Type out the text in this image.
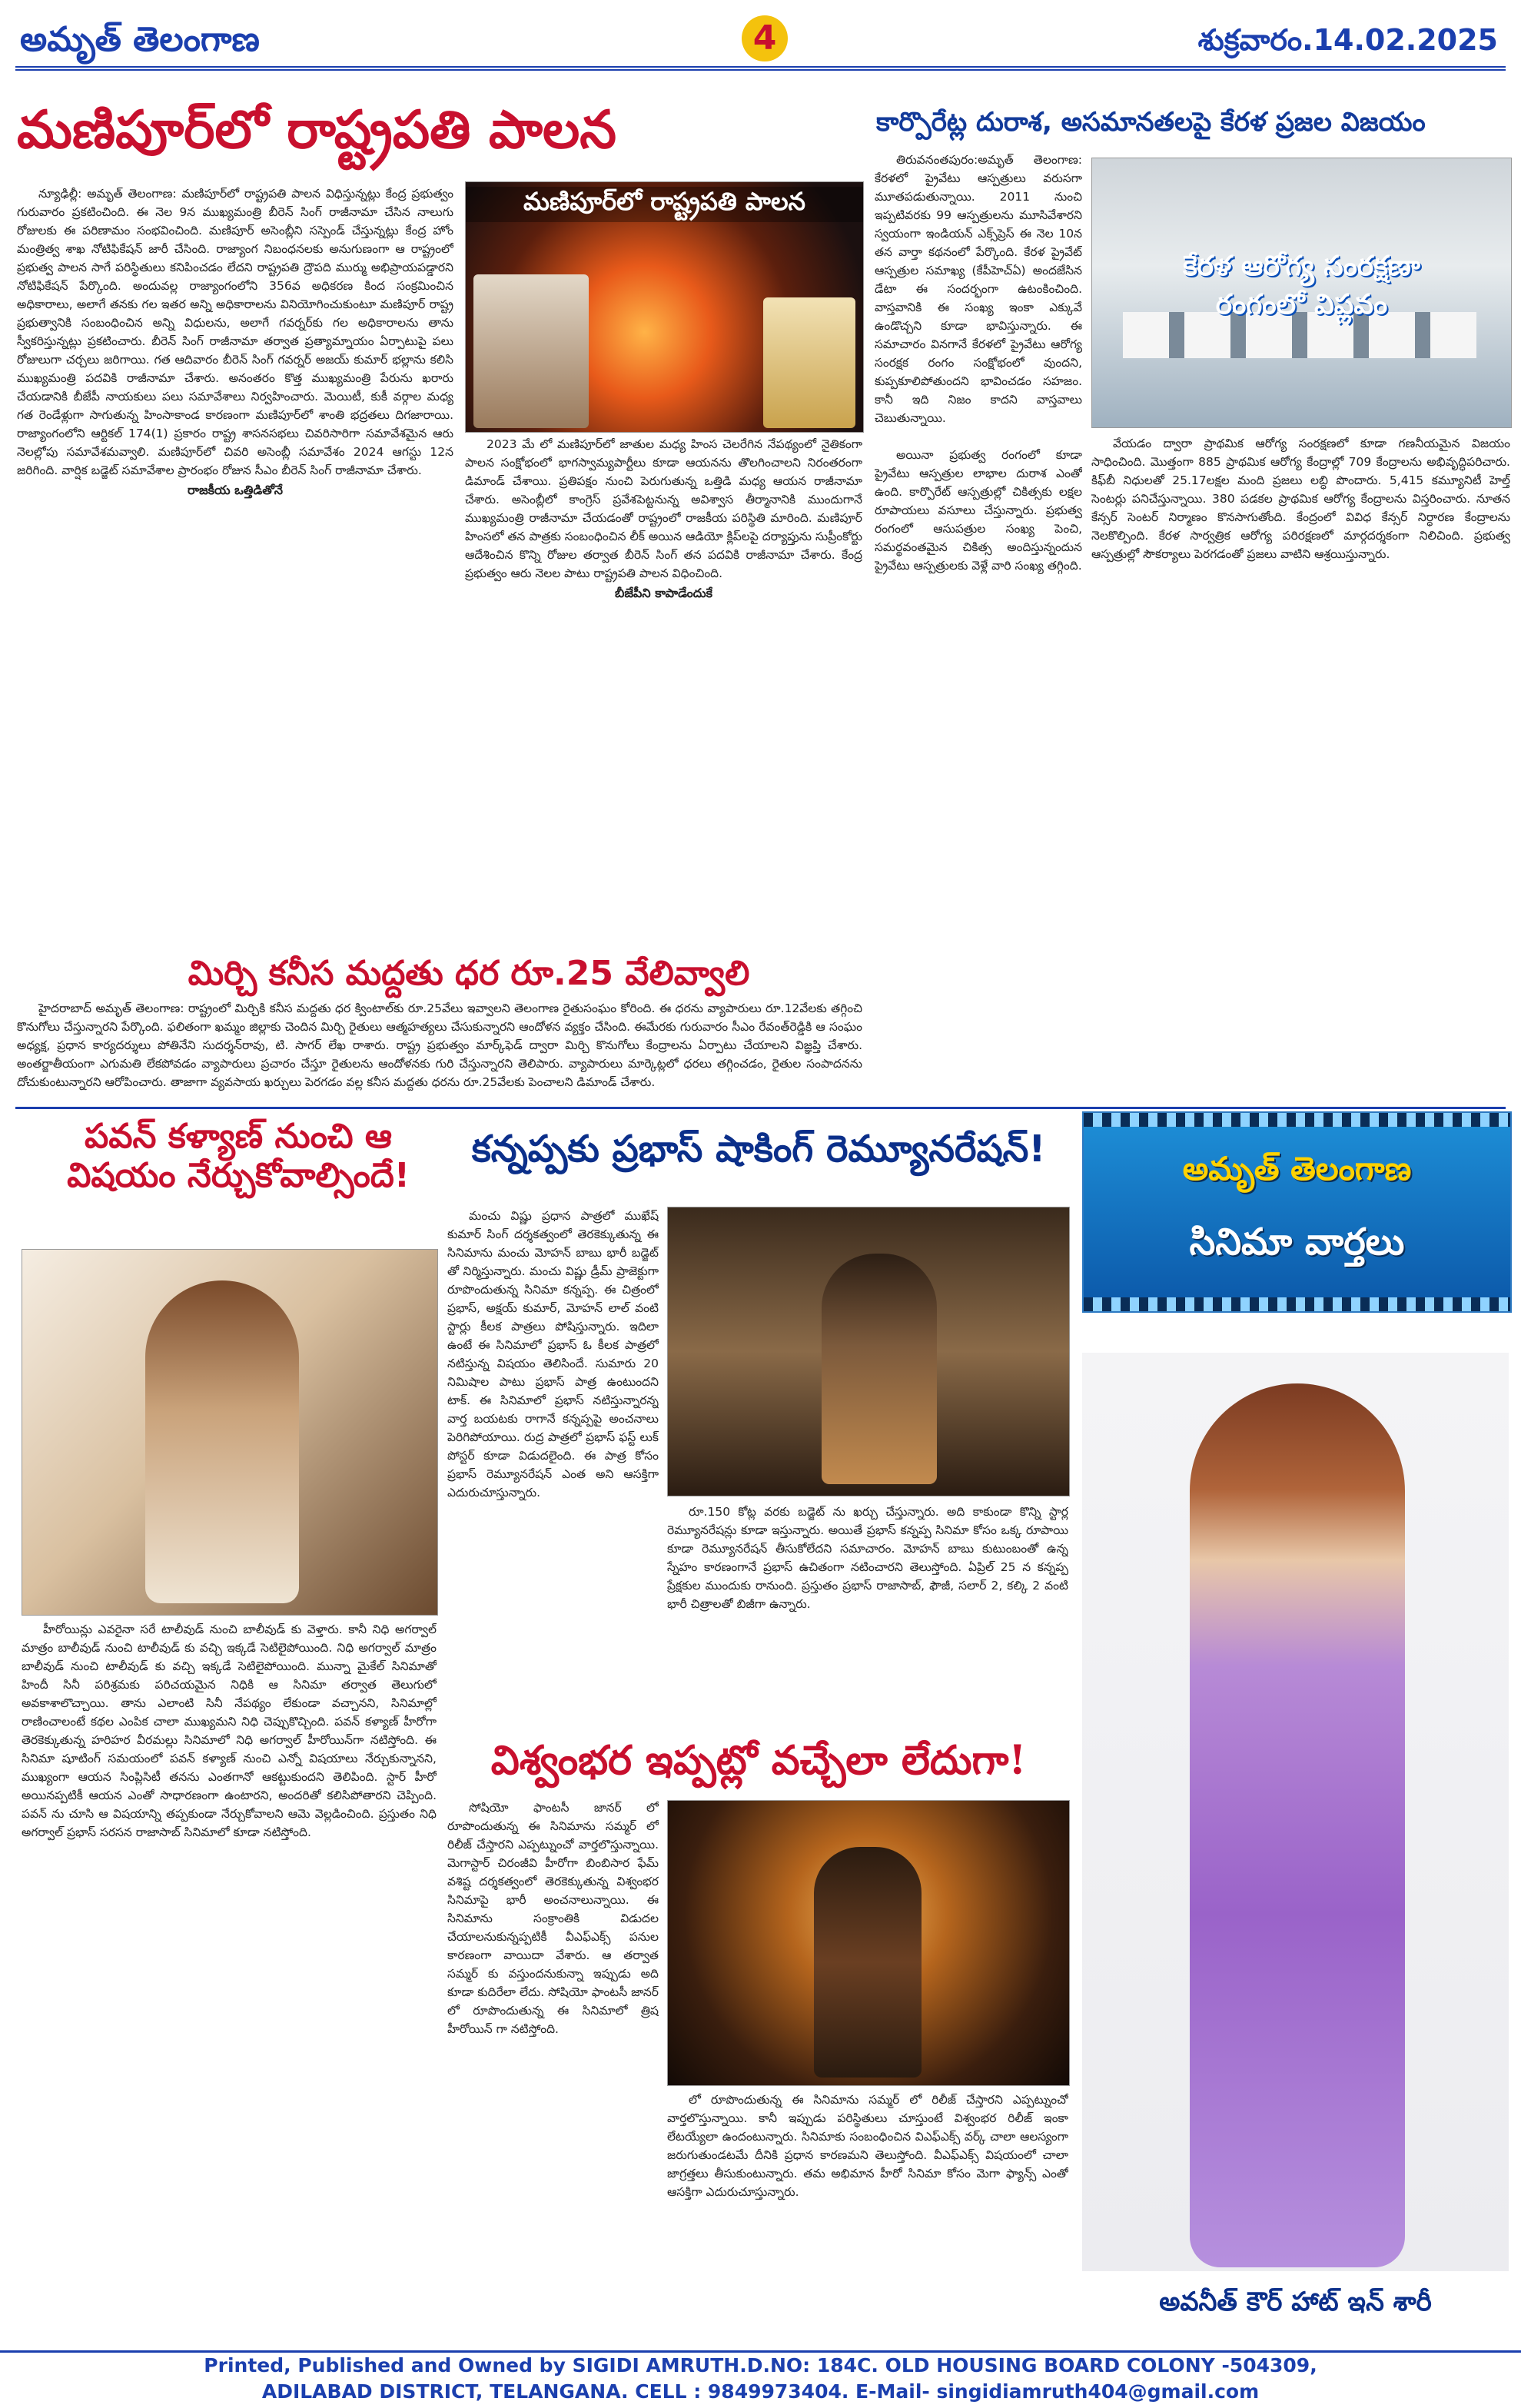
అమృత్ తెలంగాణ	4	శుక్రవారం.14.02.2025
మణిపూర్‌లో రాష్ట్రపతి పాలన

న్యూఢిల్లీ: అమృత్ తెలంగాణ: మణిపూర్‌లో రాష్ట్రపతి పాలన విధిస్తున్నట్లు కేంద్ర ప్రభుత్వం గురువారం ప్రకటించింది. ఈ నెల 9న ముఖ్యమంత్రి బీరెన్ సింగ్ రాజీనామా చేసిన నాలుగు రోజులకు ఈ పరిణామం సంభవించింది. మణిపూర్ అసెంబ్లీని సస్పెండ్ చేస్తున్నట్లు కేంద్ర హోం మంత్రిత్వ శాఖ నోటిఫికేషన్ జారీ చేసింది. రాజ్యాంగ నిబంధనలకు అనుగుణంగా ఆ రాష్ట్రంలో ప్రభుత్వ పాలన సాగే పరిస్థితులు కనిపించడం లేదని రాష్ట్రపతి ద్రౌపది ముర్ము అభిప్రాయపడ్డారని నోటిఫికేషన్ పేర్కొంది. అందువల్ల రాజ్యాంగంలోని 356వ అధికరణ కింద సంక్రమించిన అధికారాలు, అలాగే తనకు గల ఇతర అన్ని అధికారాలను వినియోగించుకుంటూ మణిపూర్ రాష్ట్ర ప్రభుత్వానికి సంబంధించిన అన్ని విధులను, అలాగే గవర్నర్‌కు గల అధికారాలను తాను స్వీకరిస్తున్నట్లు ప్రకటించారు. బీరెన్ సింగ్ రాజీనామా తర్వాత ప్రత్యామ్నాయం ఏర్పాటుపై పలు రోజులుగా చర్చలు జరిగాయి. గత ఆదివారం బీరెన్ సింగ్ గవర్నర్ అజయ్ కుమార్ భల్లాను కలిసి ముఖ్యమంత్రి పదవికి రాజీనామా చేశారు. అనంతరం కొత్త ముఖ్యమంత్రి పేరును ఖరారు చేయడానికి బీజేపీ నాయకులు పలు సమావేశాలు నిర్వహించారు. మెయిటీ, కుకీ వర్గాల మధ్య గత రెండేళ్లుగా సాగుతున్న హింసాకాండ కారణంగా మణిపూర్‌లో శాంతి భద్రతలు దిగజారాయి. రాజ్యాంగంలోని ఆర్టికల్ 174(1) ప్రకారం రాష్ట్ర శాసనసభలు చివరిసారిగా సమావేశమైన ఆరు నెలల్లోపు సమావేశమవ్వాలి. మణిపూర్‌లో చివరి అసెంబ్లీ సమావేశం 2024 ఆగస్టు 12న జరిగింది. వార్షిక బడ్జెట్ సమావేశాల ప్రారంభం రోజున సీఎం బీరెన్ సింగ్ రాజీనామా చేశారు.

రాజకీయ ఒత్తిడితోనే
మణిపూర్‌లో రాష్ట్రపతి పాలన

2023 మే లో మణిపూర్‌లో జాతుల మధ్య హింస చెలరేగిన నేపథ్యంలో నైతికంగా పాలన సంక్షోభంలో భాగస్వామ్యపార్టీలు కూడా ఆయనను తొలగించాలని నిరంతరంగా డిమాండ్ చేశాయి. ప్రతిపక్షం నుంచి పెరుగుతున్న ఒత్తిడి మధ్య ఆయన రాజీనామా చేశారు. అసెంబ్లీలో కాంగ్రెస్ ప్రవేశపెట్టనున్న అవిశ్వాస తీర్మానానికి ముందుగానే ముఖ్యమంత్రి రాజీనామా చేయడంతో రాష్ట్రంలో రాజకీయ పరిస్థితి మారింది. మణిపూర్ హింసలో తన పాత్రకు సంబంధించిన లీక్ అయిన ఆడియో క్లిప్‌లపై దర్యాప్తును సుప్రీంకోర్టు ఆదేశించిన కొన్ని రోజుల తర్వాత బీరెన్ సింగ్ తన పదవికి రాజీనామా చేశారు. కేంద్ర ప్రభుత్వం ఆరు నెలల పాటు రాష్ట్రపతి పాలన విధించింది.

బీజేపీని కాపాడేందుకే
మిర్చి కనీస మద్దతు ధర రూ.25 వేలివ్వాలి

హైదరాబాద్ అమృత్ తెలంగాణ: రాష్ట్రంలో మిర్చికి కనీస మద్దతు ధర క్వింటాల్‌కు రూ.25వేలు ఇవ్వాలని తెలంగాణ రైతుసంఘం కోరింది. ఈ ధరను వ్యాపారులు రూ.12వేలకు తగ్గించి కొనుగోలు చేస్తున్నారని పేర్కొంది. ఫలితంగా ఖమ్మం జిల్లాకు చెందిన మిర్చి రైతులు ఆత్మహత్యలు చేసుకున్నారని ఆందోళన వ్యక్తం చేసింది. ఈమేరకు గురువారం సీఎం రేవంత్‌రెడ్డికి ఆ సంఘం అధ్యక్ష, ప్రధాన కార్యదర్శులు పోతినేని సుదర్శన్‌రావు, టి. సాగర్ లేఖ రాశారు. రాష్ట్ర ప్రభుత్వం మార్క్‌ఫెడ్ ద్వారా మిర్చి కొనుగోలు కేంద్రాలను ఏర్పాటు చేయాలని విజ్ఞప్తి చేశారు. అంతర్జాతీయంగా ఎగుమతి లేకపోవడం వ్యాపారులు ప్రచారం చేస్తూ రైతులను ఆందోళనకు గురి చేస్తున్నారని తెలిపారు. వ్యాపారులు మార్కెట్లలో ధరలు తగ్గించడం, రైతుల సంపాదనను దోచుకుంటున్నారని ఆరోపించారు. తాజాగా వ్యవసాయ ఖర్చులు పెరగడం వల్ల కనీస మద్దతు ధరను రూ.25వేలకు పెంచాలని డిమాండ్ చేశారు.

కార్పొరేట్ల దురాశ, అసమానతలపై కేరళ ప్రజల విజయం

తిరువనంతపురం:అమృత్ తెలంగాణ: కేరళలో ప్రైవేటు ఆస్పత్రులు వరుసగా మూతపడుతున్నాయి. 2011 నుంచి ఇప్పటివరకు 99 ఆస్పత్రులను మూసివేశారని స్వయంగా ఇండియన్ ఎక్స్‌ప్రెస్ ఈ నెల 10న తన వార్తా కథనంలో పేర్కొంది. కేరళ ప్రైవేట్ ఆస్పత్రుల సమాఖ్య (కేపీహెచ్‌ఏ) అందజేసిన డేటా ఈ సందర్భంగా ఉటంకించింది. వాస్తవానికి ఈ సంఖ్య ఇంకా ఎక్కువే ఉండొచ్చని కూడా భావిస్తున్నారు. ఈ సమాచారం వినగానే కేరళలో ప్రైవేటు ఆరోగ్య సంరక్షక రంగం సంక్షోభంలో వుందని, కుప్పకూలిపోతుందని భావించడం సహజం. కానీ ఇది నిజం కాదని వాస్తవాలు చెబుతున్నాయి.

కేరళ ఆరోగ్య సంరక్షణా
రంగంలో విప్లవం

అయినా ప్రభుత్వ రంగంలో కూడా ప్రైవేటు ఆస్పత్రుల లాభాల దురాశ ఎంతో ఉంది. కార్పొరేట్ ఆస్పత్రుల్లో చికిత్సకు లక్షల రూపాయలు వసూలు చేస్తున్నారు. ప్రభుత్వ రంగంలో ఆసుపత్రుల సంఖ్య పెంచి, సమర్థవంతమైన చికిత్స అందిస్తున్నందున ప్రైవేటు ఆస్పత్రులకు వెళ్లే వారి సంఖ్య తగ్గింది.

వేయడం ద్వారా ప్రాథమిక ఆరోగ్య సంరక్షణలో కూడా గణనీయమైన విజయం సాధించింది. మొత్తంగా 885 ప్రాథమిక ఆరోగ్య కేంద్రాల్లో 709 కేంద్రాలను అభివృద్ధిపరిచారు. కిఫ్‌బీ నిధులతో 25.17లక్షల మంది ప్రజలు లబ్ధి పొందారు. 5,415 కమ్యూనిటీ హెల్త్ సెంటర్లు పనిచేస్తున్నాయి. 380 పడకల ప్రాథమిక ఆరోగ్య కేంద్రాలను విస్తరించారు. నూతన కేన్సర్ సెంటర్ నిర్మాణం కొనసాగుతోంది. కేంద్రంలో వివిధ కేన్సర్ నిర్ధారణ కేంద్రాలను నెలకొల్పింది. కేరళ సార్వత్రిక ఆరోగ్య పరిరక్షణలో మార్గదర్శకంగా నిలిచింది. ప్రభుత్వ ఆస్పత్రుల్లో సౌకర్యాలు పెరగడంతో ప్రజలు వాటిని ఆశ్రయిస్తున్నారు.

పవన్ కళ్యాణ్ నుంచి ఆ విషయం నేర్చుకోవాల్సిందే!

హీరోయిన్లు ఎవరైనా సరే టాలీవుడ్ నుంచి బాలీవుడ్ కు వెళ్తారు. కానీ నిధి అగర్వాల్ మాత్రం బాలీవుడ్ నుంచి టాలీవుడ్ కు వచ్చి ఇక్కడే సెటిలైపోయింది. నిధి అగర్వాల్ మాత్రం బాలీవుడ్ నుంచి టాలీవుడ్ కు వచ్చి ఇక్కడే సెటిలైపోయింది. మున్నా మైకేల్ సినిమాతో హిందీ సినీ పరిశ్రమకు పరిచయమైన నిధికి ఆ సినిమా తర్వాత తెలుగులో అవకాశాలొచ్చాయి. తాను ఎలాంటి సినీ నేపథ్యం లేకుండా వచ్చానని, సినిమాల్లో రాణించాలంటే కథల ఎంపిక చాలా ముఖ్యమని నిధి చెప్పుకొచ్చింది. పవన్ కళ్యాణ్ హీరోగా తెరకెక్కుతున్న హరిహర వీరమల్లు సినిమాలో నిధి అగర్వాల్ హీరోయిన్‌గా నటిస్తోంది. ఈ సినిమా షూటింగ్ సమయంలో పవన్ కళ్యాణ్ నుంచి ఎన్నో విషయాలు నేర్చుకున్నానని, ముఖ్యంగా ఆయన సింప్లిసిటీ తనను ఎంతగానో ఆకట్టుకుందని తెలిపింది. స్టార్ హీరో అయినప్పటికీ ఆయన ఎంతో సాధారణంగా ఉంటారని, అందరితో కలిసిపోతారని చెప్పింది. పవన్ ను చూసి ఆ విషయాన్ని తప్పకుండా నేర్చుకోవాలని ఆమె వెల్లడించింది. ప్రస్తుతం నిధి అగర్వాల్ ప్రభాస్ సరసన రాజాసాబ్ సినిమాలో కూడా నటిస్తోంది.

కన్నప్పకు ప్రభాస్ షాకింగ్ రెమ్యూనరేషన్!

మంచు విష్ణు ప్రధాన పాత్రలో ముఖేష్ కుమార్ సింగ్ దర్శకత్వంలో తెరకెక్కుతున్న ఈ సినిమాను మంచు మోహన్ బాబు భారీ బడ్జెట్ తో నిర్మిస్తున్నారు. మంచు విష్ణు డ్రీమ్ ప్రాజెక్టుగా రూపొందుతున్న సినిమా కన్నప్ప. ఈ చిత్రంలో ప్రభాస్, అక్షయ్ కుమార్, మోహన్ లాల్ వంటి స్టార్లు కీలక పాత్రలు పోషిస్తున్నారు. ఇదిలా ఉంటే ఈ సినిమాలో ప్రభాస్ ఓ కీలక పాత్రలో నటిస్తున్న విషయం తెలిసిందే. సుమారు 20 నిమిషాల పాటు ప్రభాస్ పాత్ర ఉంటుందని టాక్. ఈ సినిమాలో ప్రభాస్ నటిస్తున్నారన్న వార్త బయటకు రాగానే కన్నప్పపై అంచనాలు పెరిగిపోయాయి. రుద్ర పాత్రలో ప్రభాస్ ఫస్ట్ లుక్ పోస్టర్ కూడా విడుదలైంది. ఈ పాత్ర కోసం ప్రభాస్ రెమ్యూనరేషన్ ఎంత అని ఆసక్తిగా ఎదురుచూస్తున్నారు.

రూ.150 కోట్ల వరకు బడ్జెట్ ను ఖర్చు చేస్తున్నారు. అది కాకుండా కొన్ని స్టార్ల రెమ్యూనరేషన్లు కూడా ఇస్తున్నారు. అయితే ప్రభాస్ కన్నప్ప సినిమా కోసం ఒక్క రూపాయి కూడా రెమ్యూనరేషన్ తీసుకోలేదని సమాచారం. మోహన్ బాబు కుటుంబంతో ఉన్న స్నేహం కారణంగానే ప్రభాస్ ఉచితంగా నటించారని తెలుస్తోంది. ఏప్రిల్ 25 న కన్నప్ప ప్రేక్షకుల ముందుకు రానుంది. ప్రస్తుతం ప్రభాస్ రాజాసాబ్, ఫౌజీ, సలార్ 2, కల్కి 2 వంటి భారీ చిత్రాలతో బిజీగా ఉన్నారు.

విశ్వంభర ఇప్పట్లో వచ్చేలా లేదుగా!

సోషియో ఫాంటసీ జానర్ లో రూపొందుతున్న ఈ సినిమాను సమ్మర్ లో రిలీజ్ చేస్తారని ఎప్పట్నుంచో వార్తలొస్తున్నాయి. మెగాస్టార్ చిరంజీవి హీరోగా బింబిసార ఫేమ్ వశిష్ట దర్శకత్వంలో తెరకెక్కుతున్న విశ్వంభర సినిమాపై భారీ అంచనాలున్నాయి. ఈ సినిమాను సంక్రాంతికి విడుదల చేయాలనుకున్నప్పటికీ వీఎఫ్ఎక్స్ పనుల కారణంగా వాయిదా వేశారు. ఆ తర్వాత సమ్మర్ కు వస్తుందనుకున్నా ఇప్పుడు అది కూడా కుదిరేలా లేదు. సోషియో ఫాంటసీ జానర్ లో రూపొందుతున్న ఈ సినిమాలో త్రిష హీరోయిన్ గా నటిస్తోంది.

లో రూపొందుతున్న ఈ సినిమాను సమ్మర్ లో రిలీజ్ చేస్తారని ఎప్పట్నుంచో వార్తలొస్తున్నాయి. కానీ ఇప్పుడు పరిస్థితులు చూస్తుంటే విశ్వంభర రిలీజ్ ఇంకా లేటయ్యేలా ఉందంటున్నారు. సినిమాకు సంబంధించిన విఎఫ్ఎక్స్ వర్క్ చాలా ఆలస్యంగా జరుగుతుండటమే దీనికి ప్రధాన కారణమని తెలుస్తోంది. వీఎఫ్ఎక్స్ విషయంలో చాలా జాగ్రత్తలు తీసుకుంటున్నారు. తమ అభిమాన హీరో సినిమా కోసం మెగా ఫ్యాన్స్ ఎంతో ఆసక్తిగా ఎదురుచూస్తున్నారు.

అమృత్ తెలంగాణ
సినిమా వార్తలు
అవనీత్ కౌర్ హాట్ ఇన్ శారీ
Printed, Published and Owned by SIGIDI AMRUTH.D.NO: 184C. OLD HOUSING BOARD COLONY -504309,
ADILABAD DISTRICT, TELANGANA. CELL : 9849973404. E-Mail- singidiamruth404@gmail.com
